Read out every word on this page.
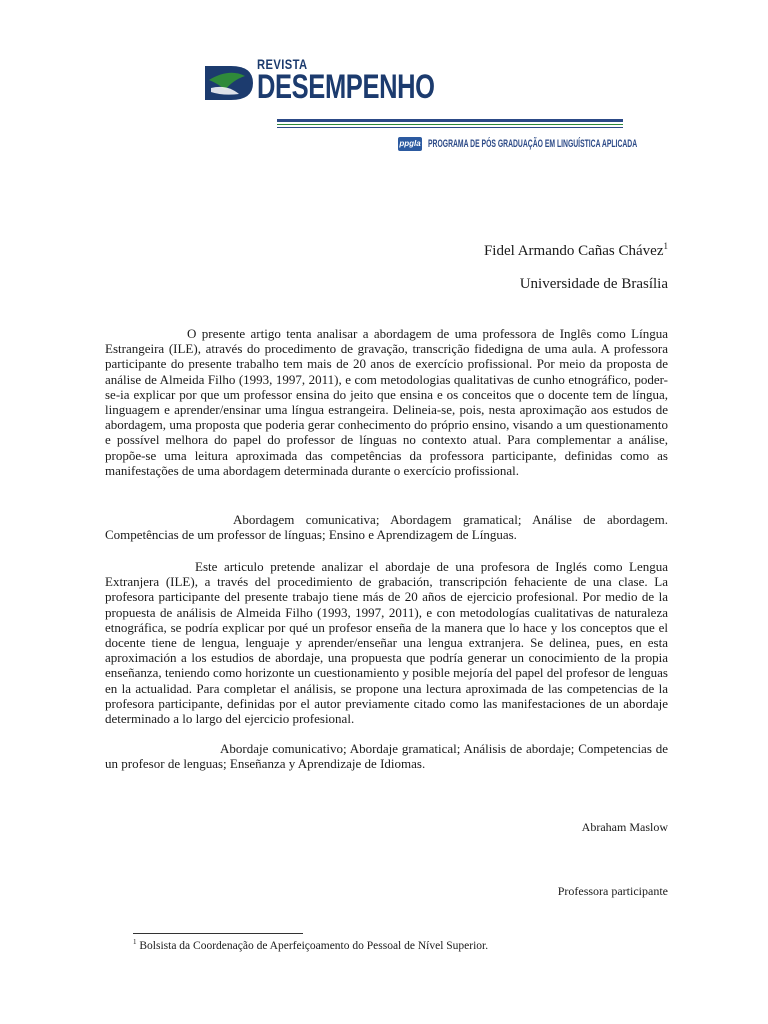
REVISTA
DESEMPENHO
ppgla PROGRAMA DE PÓS GRADUAÇÃO EM LINGUÍSTICA APLICADA
Fidel Armando Cañas Chávez$^1$
Universidade de Brasília

O presente artigo tenta analisar a abordagem de uma professora de Inglês como Língua Estrangeira (ILE), através do procedimento de gravação, transcrição fidedigna de uma aula. A professora participante do presente trabalho tem mais de 20 anos de exercício profissional. Por meio da proposta de análise de Almeida Filho (1993, 1997, 2011), e com metodologias qualitativas de cunho etnográfico, poder-se-ia explicar por que um professor ensina do jeito que ensina e os conceitos que o docente tem de língua, linguagem e aprender/ensinar uma língua estrangeira. Delineia-se, pois, nesta aproximação aos estudos de abordagem, uma proposta que poderia gerar conhecimento do próprio ensino, visando a um questionamento e possível melhora do papel do professor de línguas no contexto atual. Para complementar a análise, propõe-se uma leitura aproximada das competências da professora participante, definidas como as manifestações de uma abordagem determinada durante o exercício profissional.

Abordagem comunicativa; Abordagem gramatical; Análise de abordagem. Competências de um professor de línguas; Ensino e Aprendizagem de Línguas.

Este articulo pretende analizar el abordaje de una profesora de Inglés como Lengua Extranjera (ILE), a través del procedimiento de grabación, transcripción fehaciente de una clase. La profesora participante del presente trabajo tiene más de 20 años de ejercicio profesional. Por medio de la propuesta de análisis de Almeida Filho (1993, 1997, 2011), e con metodologías cualitativas de naturaleza etnográfica, se podría explicar por qué un profesor enseña de la manera que lo hace y los conceptos que el docente tiene de lengua, lenguaje y aprender/enseñar una lengua extranjera. Se delinea, pues, en esta aproximación a los estudios de abordaje, una propuesta que podría generar un conocimiento de la propia enseñanza, teniendo como horizonte un cuestionamiento y posible mejoría del papel del profesor de lenguas en la actualidad. Para completar el análisis, se propone una lectura aproximada de las competencias de la profesora participante, definidas por el autor previamente citado como las manifestaciones de un abordaje determinado a lo largo del ejercicio profesional.

Abordaje comunicativo; Abordaje gramatical; Análisis de abordaje; Competencias de un profesor de lenguas; Enseñanza y Aprendizaje de Idiomas.

Abraham Maslow
Professora participante
$^1$ Bolsista da Coordenação de Aperfeiçoamento do Pessoal de Nível Superior.
